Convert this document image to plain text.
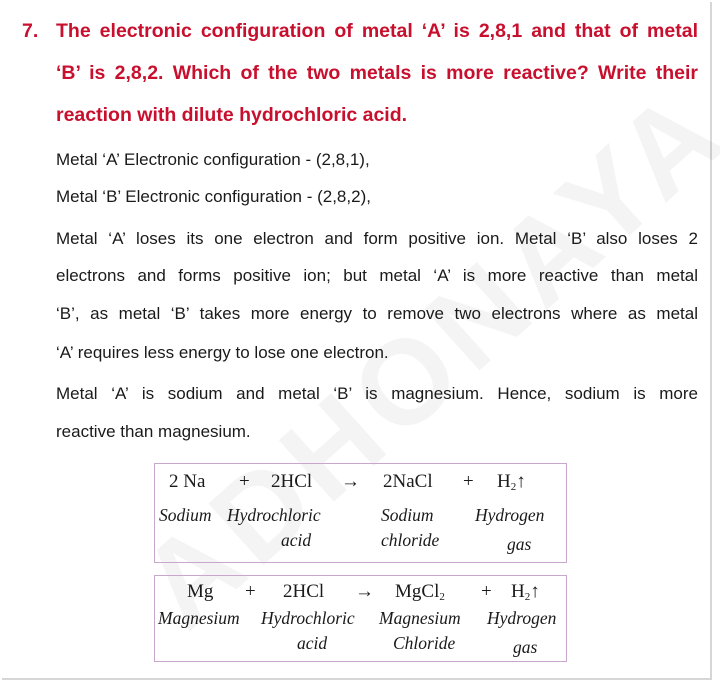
7. The electronic configuration of metal ‘A’ is 2,8,1 and that of metal
‘B’ is 2,8,2. Which of the two metals is more reactive? Write their
reaction with dilute hydrochloric acid.
Metal ‘A’ Electronic configuration - (2,8,1),
Metal ‘B’ Electronic configuration - (2,8,2),
Metal ‘A’ loses its one electron and form positive ion. Metal ‘B’ also loses 2
electrons and forms positive ion; but metal ‘A’ is more reactive than metal
‘B’, as metal ‘B’ takes more energy to remove two electrons where as metal
‘A’ requires less energy to lose one electron.
Metal ‘A’ is sodium and metal ‘B’ is magnesium. Hence, sodium is more
reactive than magnesium.
2 Na + 2HCl → 2NaCl + $H_2↑$
Sodium Hydrochloric
acid
Sodium
chloride
Hydrogen
gas
Mg + 2HCl → MgCl$_2$ + $H_2↑$
Magnesium Hydrochloric
acid
Magnesium
Chloride
Hydrogen
gas
